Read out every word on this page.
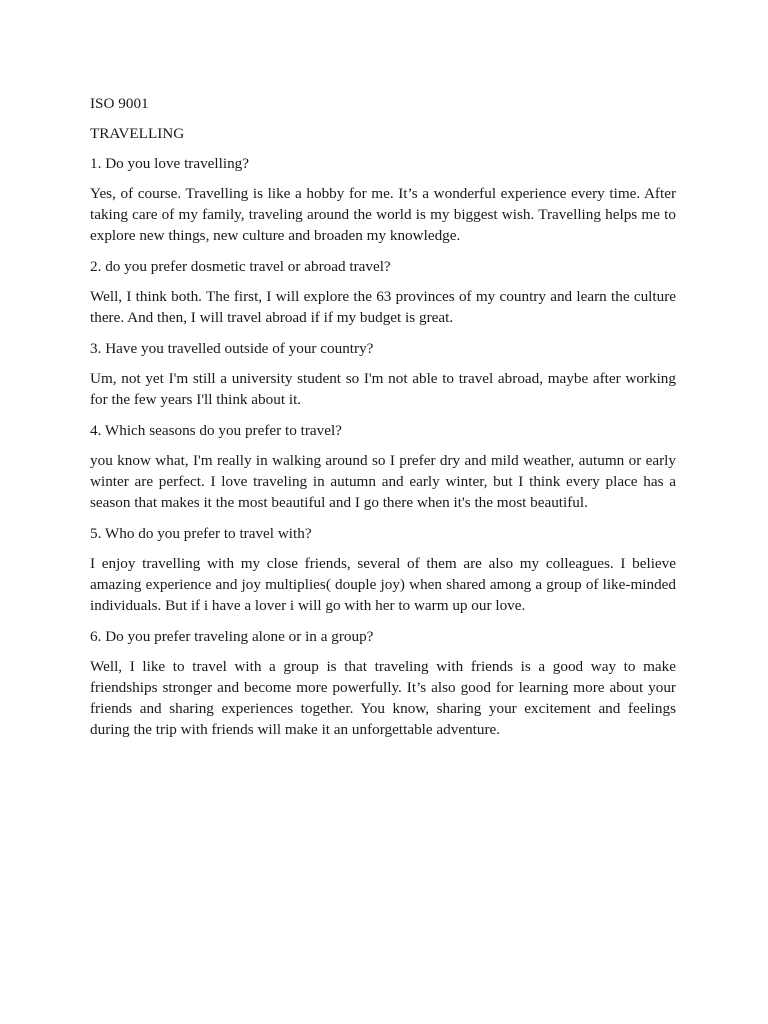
ISO 9001
TRAVELLING
1. Do you love travelling?
Yes, of course. Travelling is like a hobby for me. It’s a wonderful experience every time. After taking care of my family, traveling around the world is my biggest wish. Travelling helps me to explore new things, new culture and broaden my knowledge.
2. do you prefer dosmetic travel or abroad travel?
Well, I think both. The first, I will explore the 63 provinces of my country and learn the culture there. And then, I will travel abroad if if my budget is great.
3. Have you travelled outside of your country?
Um, not yet I'm still a university student so I'm not able to travel abroad, maybe after working for the few years I'll think about it.
4. Which seasons do you prefer to travel?
you know what, I'm really in walking around so I prefer dry and mild weather, autumn or early winter are perfect. I love traveling in autumn and early winter, but I think every place has a season that makes it the most beautiful and I go there when it's the most beautiful.
5. Who do you prefer to travel with?
I enjoy travelling with my close friends, several of them are also my colleagues. I believe amazing experience and joy multiplies( douple joy) when shared among a group of like-minded individuals. But if i have a lover i will go with her to warm up our love.
6. Do you prefer traveling alone or in a group?
Well, I like to travel with a group is that traveling with friends is a good way to make friendships stronger and become more powerfully. It’s also good for learning more about your friends and sharing experiences together. You know, sharing your excitement and feelings during the trip with friends will make it an unforgettable adventure.
